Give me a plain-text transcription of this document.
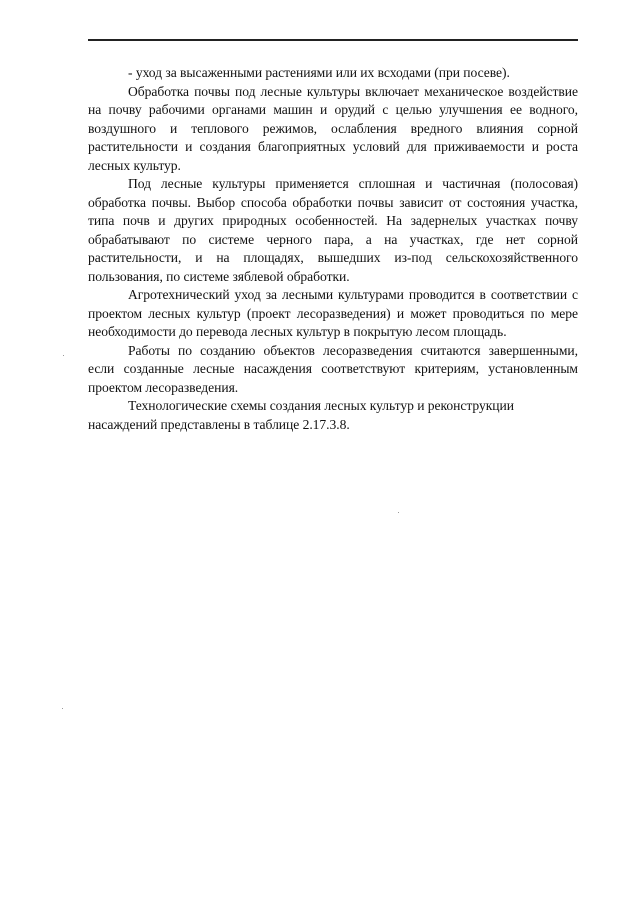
- уход за высаженными растениями или их всходами (при посеве).

Обработка почвы под лесные культуры включает механическое воздействие на почву рабочими органами машин и орудий с целью улучшения ее водного, воздушного и теплового режимов, ослабления вредного влияния сорной растительности и создания благоприятных условий для приживаемости и роста лесных культур.

Под лесные культуры применяется сплошная и частичная (полосовая) обработка почвы. Выбор способа обработки почвы зависит от состояния участка, типа почв и других природных особенностей. На задернелых участках почву обрабатывают по системе черного пара, а на участках, где нет сорной растительности, и на площадях, вышедших из-под сельскохозяйственного пользования, по системе зяблевой обработки.

Агротехнический уход за лесными культурами проводится в соответствии с проектом лесных культур (проект лесоразведения) и может проводиться по мере необходимости до перевода лесных культур в покрытую лесом площадь.

Работы по созданию объектов лесоразведения считаются завершенными, если созданные лесные насаждения соответствуют критериям, установленным проектом лесоразведения.

Технологические схемы создания лесных культур и реконструкции насаждений представлены в таблице 2.17.3.8.
